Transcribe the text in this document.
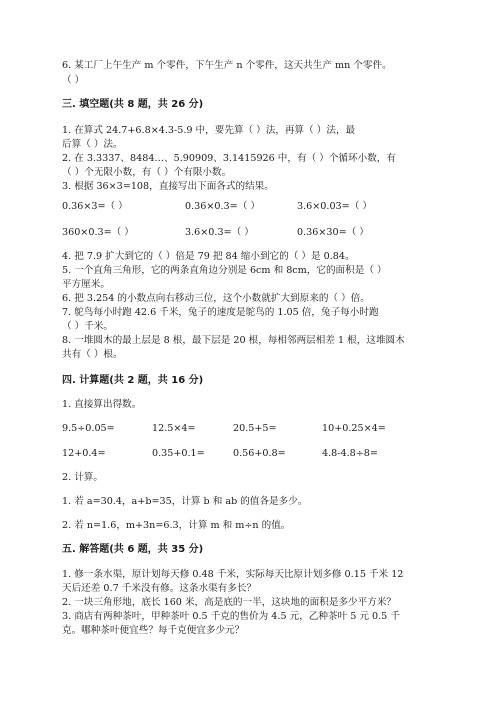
6. 某工厂上午生产 m 个零件，下午生产 n 个零件，这天共生产 mn 个零件。
（ ）
三. 填空题(共 8 题，共 26 分)
1. 在算式 24.7+6.8×4.3-5.9 中，要先算（ ）法，再算（ ）法，最
后算（ ）法。
2. 在 3.3337、8484…、5.90909、3.1415926 中，有（ ）个循环小数，有
（ ）个无限小数，有（ ）个有限小数。
3. 根据 36×3=108，直接写出下面各式的结果。
0.36×3=（ ）	0.36×0.3=（ ）	3.6×0.03=（ ）
360×0.3=（ ）	3.6×0.3=（ ）	0.36×30=（ ）
4. 把 7.9 扩大到它的（ ）倍是 79 把 84 缩小到它的（ ）是 0.84。
5. 一个直角三角形，它的两条直角边分别是 6cm 和 8cm，它的面积是（ ）
平方厘米。
6. 把 3.254 的小数点向右移动三位，这个小数就扩大到原来的（ ）倍。
7. 鸵鸟每小时跑 42.6 千米，兔子的速度是鸵鸟的 1.05 倍，兔子每小时跑
（ ）千米。
8. 一堆圆木的最上层是 8 根，最下层是 20 根，每相邻两层相差 1 根，这堆圆木
共有（ ）根。
四. 计算题(共 2 题，共 16 分)
1. 直接算出得数。
9.5÷0.05=	12.5×4=	20.5+5=	10+0.25×4=
12+0.4=	0.35+0.1=	0.56+0.8=	4.8-4.8÷8=
2. 计算。
1. 若 a=30.4，a+b=35，计算 b 和 ab 的值各是多少。
2. 若 n=1.6，m+3n=6.3，计算 m 和 m÷n 的值。
五. 解答题(共 6 题，共 35 分)
1. 修一条水渠，原计划每天修 0.48 千米，实际每天比原计划多修 0.15 千米 12
天后还差 0.7 千米没有修。这条水渠有多长？
2. 一块三角形地，底长 160 米，高是底的一半，这块地的面积是多少平方米？
3. 商店有两种茶叶，甲种茶叶 0.5 千克的售价为 4.5 元，乙种茶叶 5 元 0.5 千
克。哪种茶叶便宜些？每千克便宜多少元？
